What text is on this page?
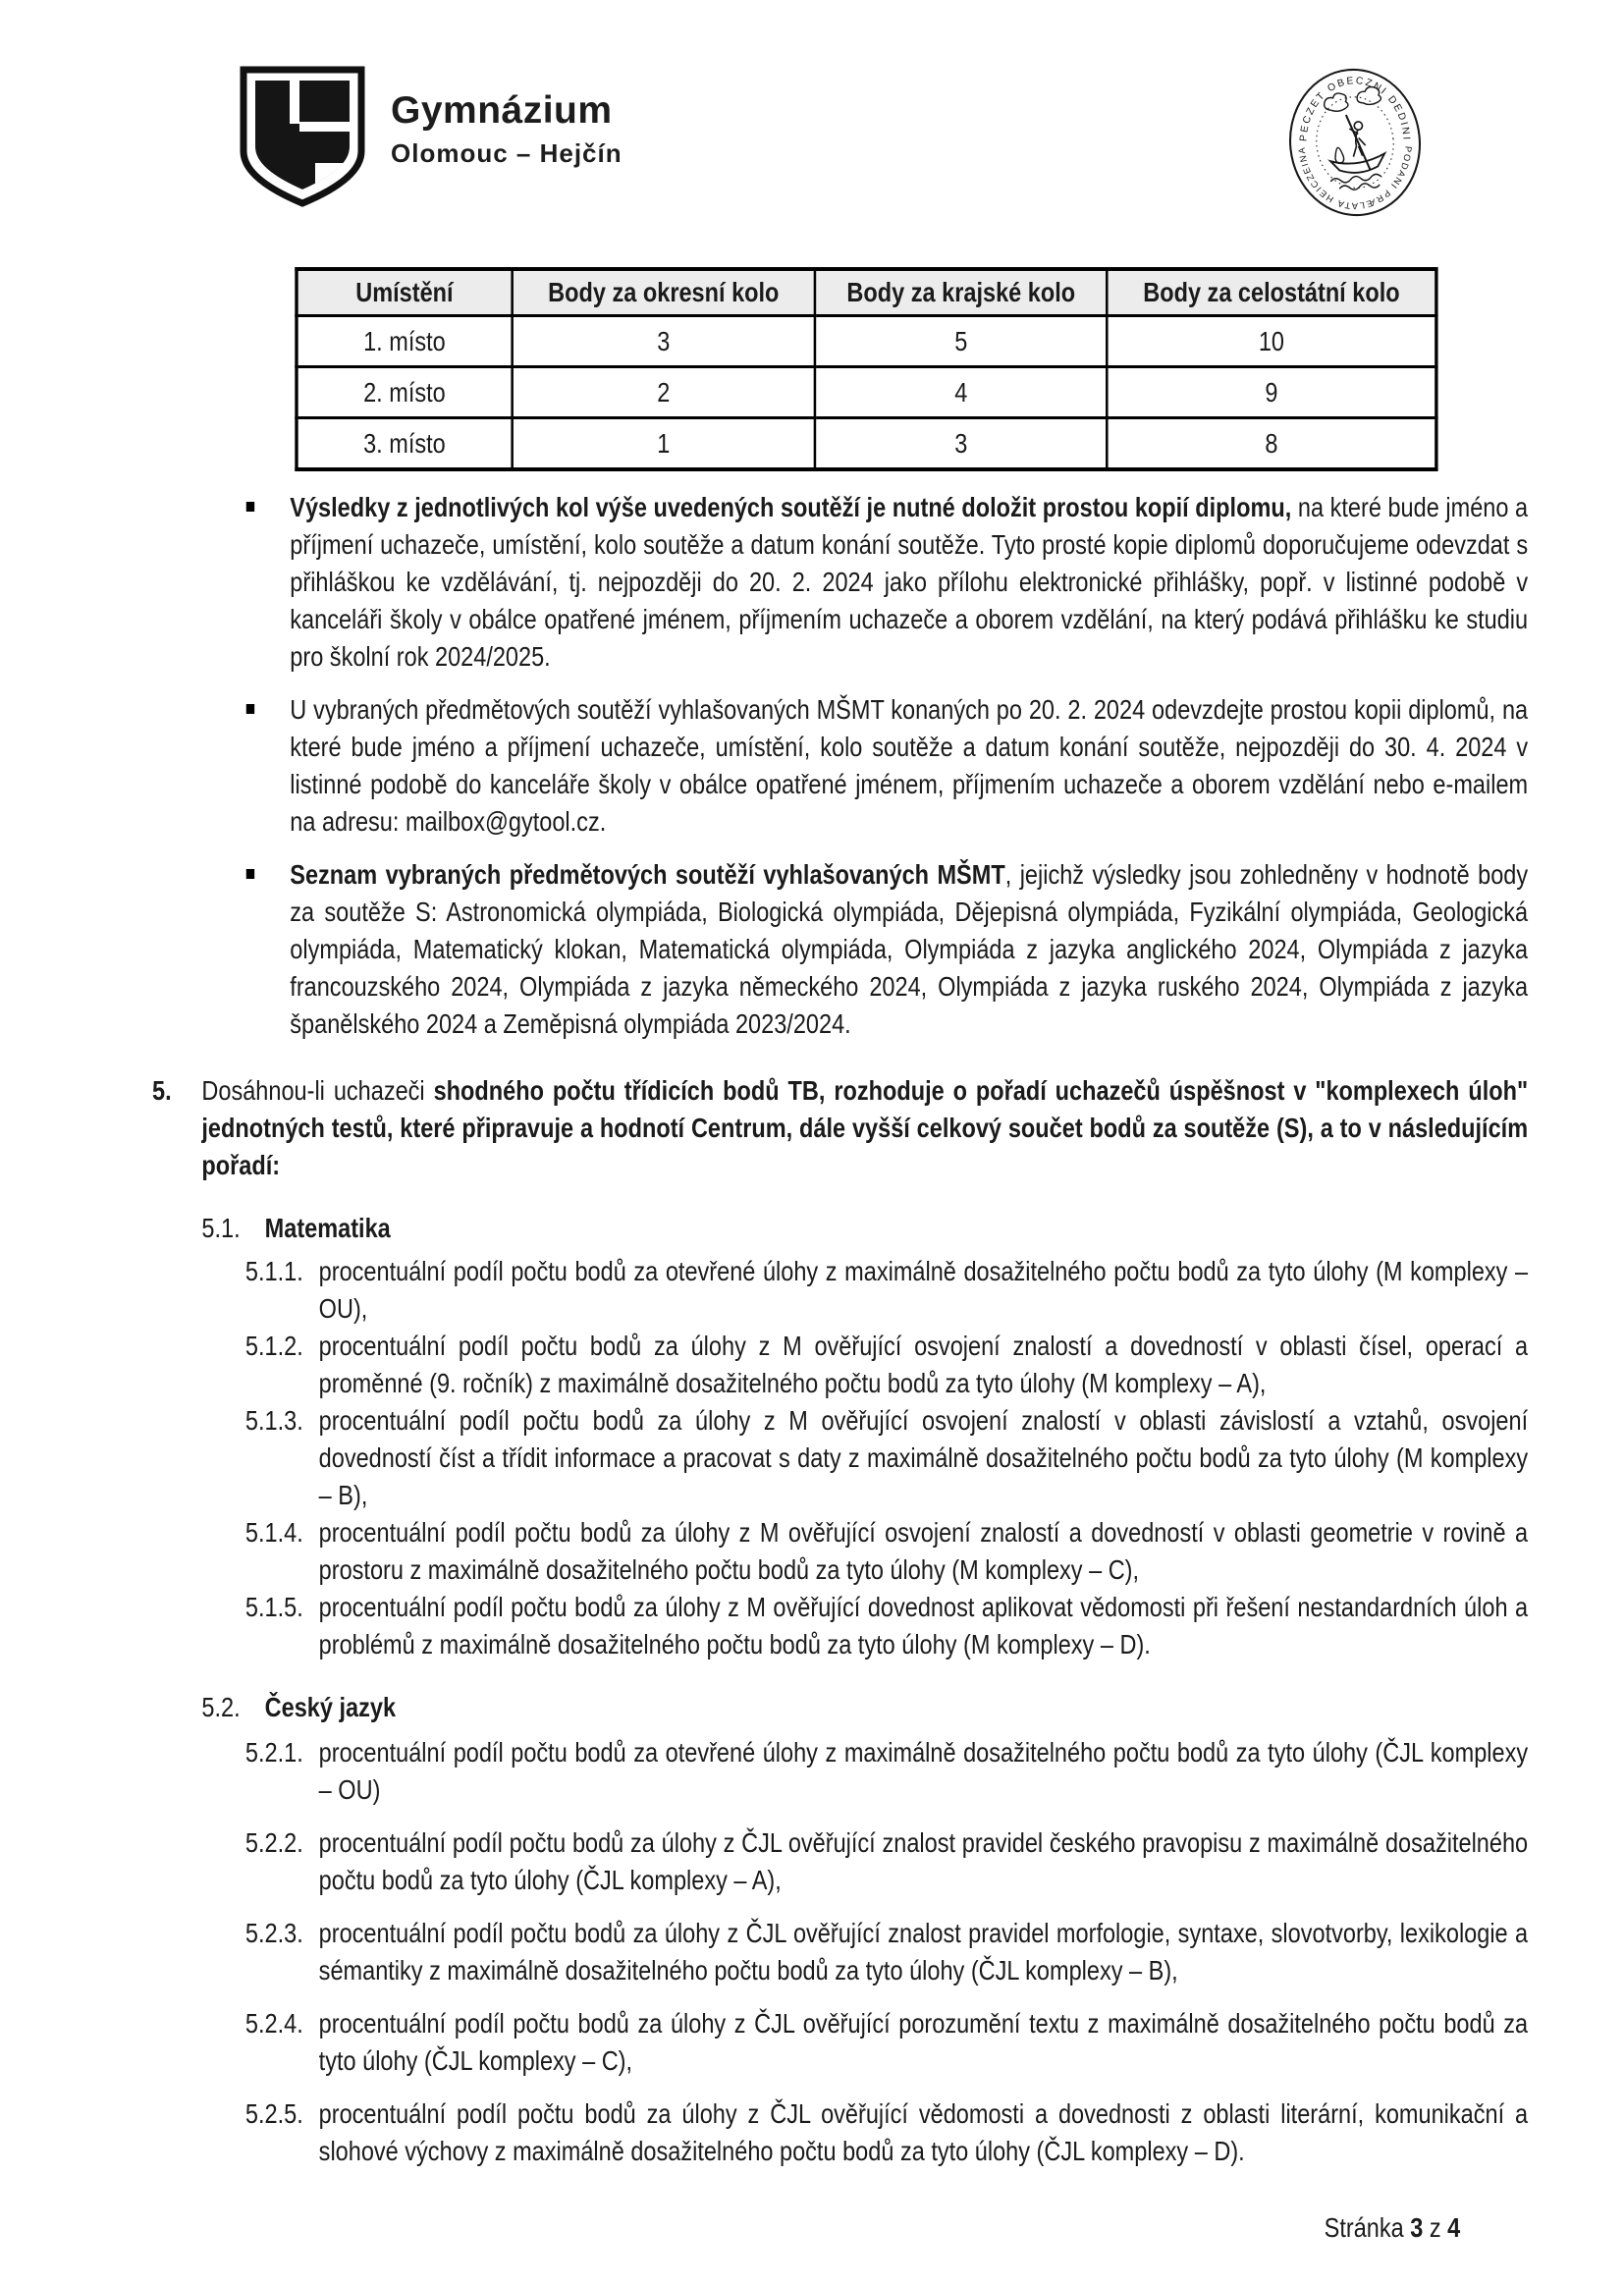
Gymnázium
Olomouc – Hejčín
PECZET OBECZNI DEDINI
PODANI PRÆLATA HEICZEINA
Umístění	Body za okresní kolo	Body za krajské kolo	Body za celostátní kolo
1. místo	3	5	10
2. místo	2	4	9
3. místo	1	3	8
Výsledky z jednotlivých kol výše uvedených soutěží je nutné doložit prostou kopií diplomu, na které bude jméno a příjmení uchazeče, umístění, kolo soutěže a datum konání soutěže. Tyto prosté kopie diplomů doporučujeme odevzdat s přihláškou ke vzdělávání, tj. nejpozději do 20. 2. 2024 jako přílohu elektronické přihlášky, popř. v listinné podobě v kanceláři školy v obálce opatřené jménem, příjmením uchazeče a oborem vzdělání, na který podává přihlášku ke studiu pro školní rok 2024/2025.
U vybraných předmětových soutěží vyhlašovaných MŠMT konaných po 20. 2. 2024 odevzdejte prostou kopii diplomů, na které bude jméno a příjmení uchazeče, umístění, kolo soutěže a datum konání soutěže, nejpozději do 30. 4. 2024 v listinné podobě do kanceláře školy v obálce opatřené jménem, příjmením uchazeče a oborem vzdělání nebo e-mailem na adresu: mailbox@gytool.cz.
Seznam vybraných předmětových soutěží vyhlašovaných MŠMT, jejichž výsledky jsou zohledněny v hodnotě body za soutěže S: Astronomická olympiáda, Biologická olympiáda, Dějepisná olympiáda, Fyzikální olympiáda, Geologická olympiáda, Matematický klokan, Matematická olympiáda, Olympiáda z jazyka anglického 2024, Olympiáda z jazyka francouzského 2024, Olympiáda z jazyka německého 2024, Olympiáda z jazyka ruského 2024, Olympiáda z jazyka španělského 2024 a Zeměpisná olympiáda 2023/2024.
5. Dosáhnou-li uchazeči shodného počtu třídicích bodů TB, rozhoduje o pořadí uchazečů úspěšnost v "komplexech úloh" jednotných testů, které připravuje a hodnotí Centrum, dále vyšší celkový součet bodů za soutěže (S), a to v následujícím pořadí:
5.1. Matematika
5.1.1. procentuální podíl počtu bodů za otevřené úlohy z maximálně dosažitelného počtu bodů za tyto úlohy (M komplexy – OU),
5.1.2. procentuální podíl počtu bodů za úlohy z M ověřující osvojení znalostí a dovedností v oblasti čísel, operací a proměnné (9. ročník) z maximálně dosažitelného počtu bodů za tyto úlohy (M komplexy – A),
5.1.3. procentuální podíl počtu bodů za úlohy z M ověřující osvojení znalostí v oblasti závislostí a vztahů, osvojení dovedností číst a třídit informace a pracovat s daty z maximálně dosažitelného počtu bodů za tyto úlohy (M komplexy – B),
5.1.4. procentuální podíl počtu bodů za úlohy z M ověřující osvojení znalostí a dovedností v oblasti geometrie v rovině a prostoru z maximálně dosažitelného počtu bodů za tyto úlohy (M komplexy – C),
5.1.5. procentuální podíl počtu bodů za úlohy z M ověřující dovednost aplikovat vědomosti při řešení nestandardních úloh a problémů z maximálně dosažitelného počtu bodů za tyto úlohy (M komplexy – D).
5.2. Český jazyk
5.2.1. procentuální podíl počtu bodů za otevřené úlohy z maximálně dosažitelného počtu bodů za tyto úlohy (ČJL komplexy – OU)
5.2.2. procentuální podíl počtu bodů za úlohy z ČJL ověřující znalost pravidel českého pravopisu z maximálně dosažitelného počtu bodů za tyto úlohy (ČJL komplexy – A),
5.2.3. procentuální podíl počtu bodů za úlohy z ČJL ověřující znalost pravidel morfologie, syntaxe, slovotvorby, lexikologie a sémantiky z maximálně dosažitelného počtu bodů za tyto úlohy (ČJL komplexy – B),
5.2.4. procentuální podíl počtu bodů za úlohy z ČJL ověřující porozumění textu z maximálně dosažitelného počtu bodů za tyto úlohy (ČJL komplexy – C),
5.2.5. procentuální podíl počtu bodů za úlohy z ČJL ověřující vědomosti a dovednosti z oblasti literární, komunikační a slohové výchovy z maximálně dosažitelného počtu bodů za tyto úlohy (ČJL komplexy – D).
Stránka 3 z 4
